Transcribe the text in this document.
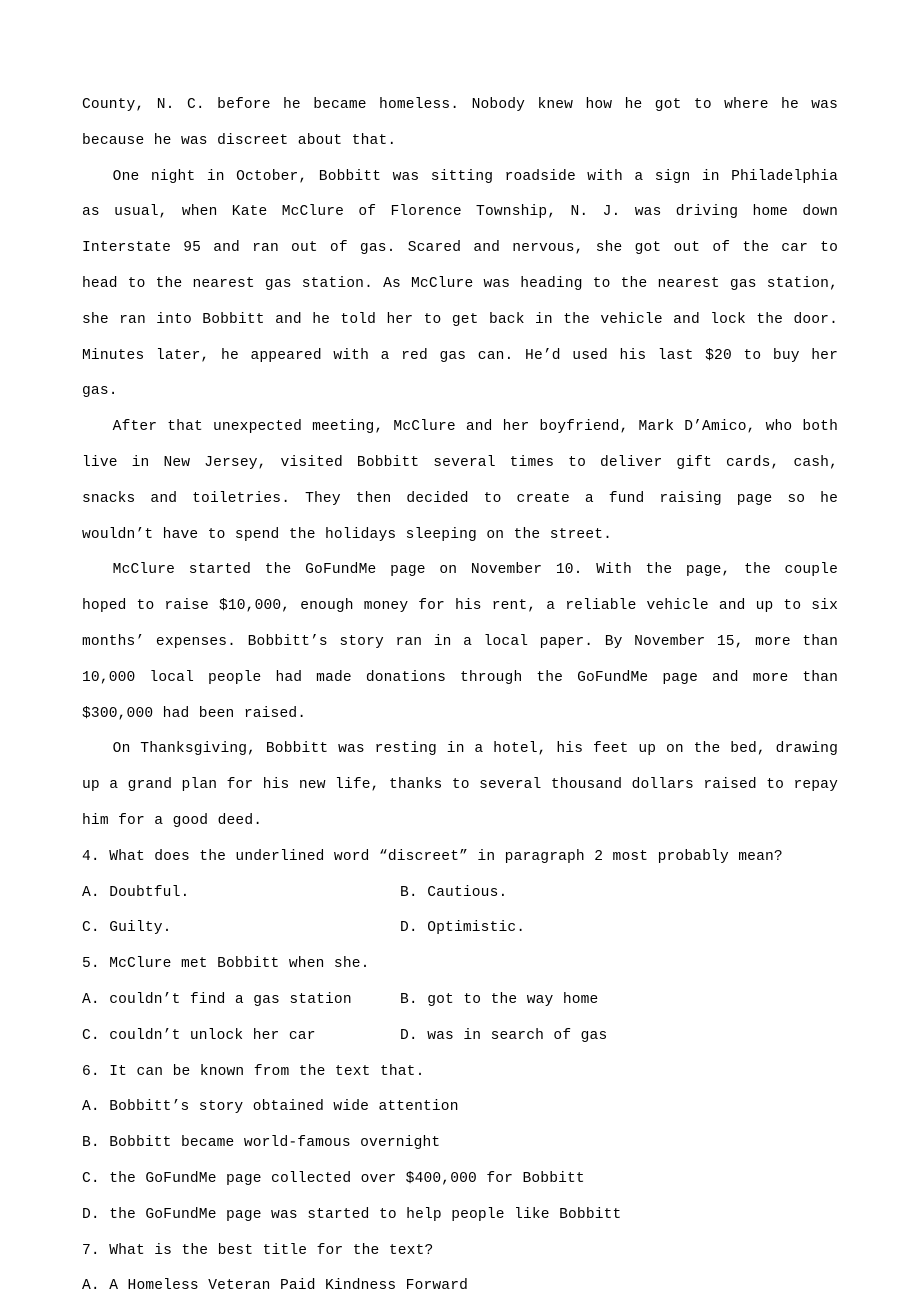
County, N. C. before he became homeless. Nobody knew how he got to where he was because he was discreet about that.

One night in October, Bobbitt was sitting roadside with a sign in Philadelphia as usual, when Kate McClure of Florence Township, N. J. was driving home down Interstate 95 and ran out of gas. Scared and nervous, she got out of the car to head to the nearest gas station. As McClure was heading to the nearest gas station, she ran into Bobbitt and he told her to get back in the vehicle and lock the door. Minutes later, he appeared with a red gas can. He’d used his last $20 to buy her gas.

After that unexpected meeting, McClure and her boyfriend, Mark D’Amico, who both live in New Jersey, visited Bobbitt several times to deliver gift cards, cash, snacks and toiletries. They then decided to create a fund raising page so he wouldn’t have to spend the holidays sleeping on the street.

McClure started the GoFundMe page on November 10. With the page, the couple hoped to raise $10,000, enough money for his rent, a reliable vehicle and up to six months’ expenses. Bobbitt’s story ran in a local paper. By November 15, more than 10,000 local people had made donations through the GoFundMe page and more than $300,000 had been raised.

On Thanksgiving, Bobbitt was resting in a hotel, his feet up on the bed, drawing up a grand plan for his new life, thanks to several thousand dollars raised to repay him for a good deed.

4. What does the underlined word “discreet” in paragraph 2 most probably mean?
A. Doubtful.	B. Cautious.
C. Guilty.	D. Optimistic.
5. McClure met Bobbitt when she.
A. couldn’t find a gas station	B. got to the way home
C. couldn’t unlock her car	D. was in search of gas
6. It can be known from the text that.
A. Bobbitt’s story obtained wide attention
B. Bobbitt became world-famous overnight
C. the GoFundMe page collected over $400,000 for Bobbitt
D. the GoFundMe page was started to help people like Bobbitt
7. What is the best title for the text?
A. A Homeless Veteran Paid Kindness Forward
